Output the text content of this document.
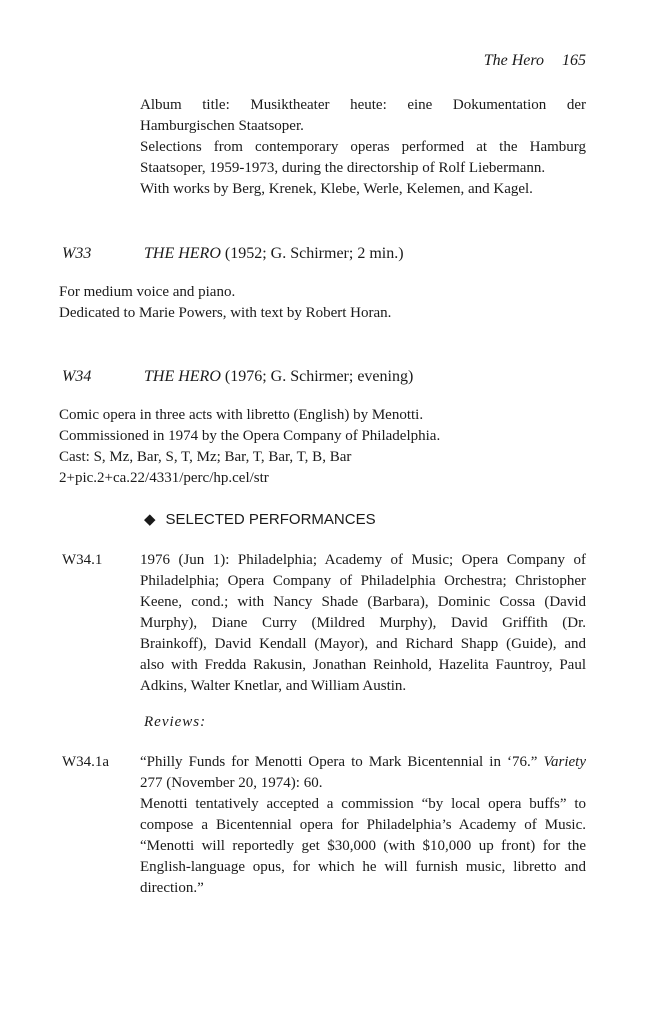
The Hero 165
Album title: Musiktheater heute: eine Dokumentation der
Hamburgischen Staatsoper.
Selections from contemporary operas performed at the Hamburg
Staatsoper, 1959-1973, during the directorship of Rolf Liebermann.
With works by Berg, Krenek, Klebe, Werle, Kelemen, and Kagel.
W33	THE HERO (1952; G. Schirmer; 2 min.)
For medium voice and piano.
Dedicated to Marie Powers, with text by Robert Horan.
W34	THE HERO (1976; G. Schirmer; evening)
Comic opera in three acts with libretto (English) by Menotti.
Commissioned in 1974 by the Opera Company of Philadelphia.
Cast: S, Mz, Bar, S, T, Mz; Bar, T, Bar, T, B, Bar
2+pic.2+ca.22/4331/perc/hp.cel/str
◆ SELECTED PERFORMANCES
W34.1	1976 (Jun 1): Philadelphia; Academy of Music; Opera Company of
Philadelphia; Opera Company of Philadelphia Orchestra; Christopher
Keene, cond.; with Nancy Shade (Barbara), Dominic Cossa (David
Murphy), Diane Curry (Mildred Murphy), David Griffith (Dr.
Brainkoff), David Kendall (Mayor), and Richard Shapp (Guide), and
also with Fredda Rakusin, Jonathan Reinhold, Hazelita Fauntroy, Paul
Adkins, Walter Knetlar, and William Austin.
Reviews:
W34.1a “Philly Funds for Menotti Opera to Mark Bicentennial in ‘76.” Variety
277 (November 20, 1974): 60.
Menotti tentatively accepted a commission “by local opera buffs” to
compose a Bicentennial opera for Philadelphia’s Academy of Music.
“Menotti will reportedly get $30,000 (with $10,000 up front) for the
English-language opus, for which he will furnish music, libretto and
direction.”
